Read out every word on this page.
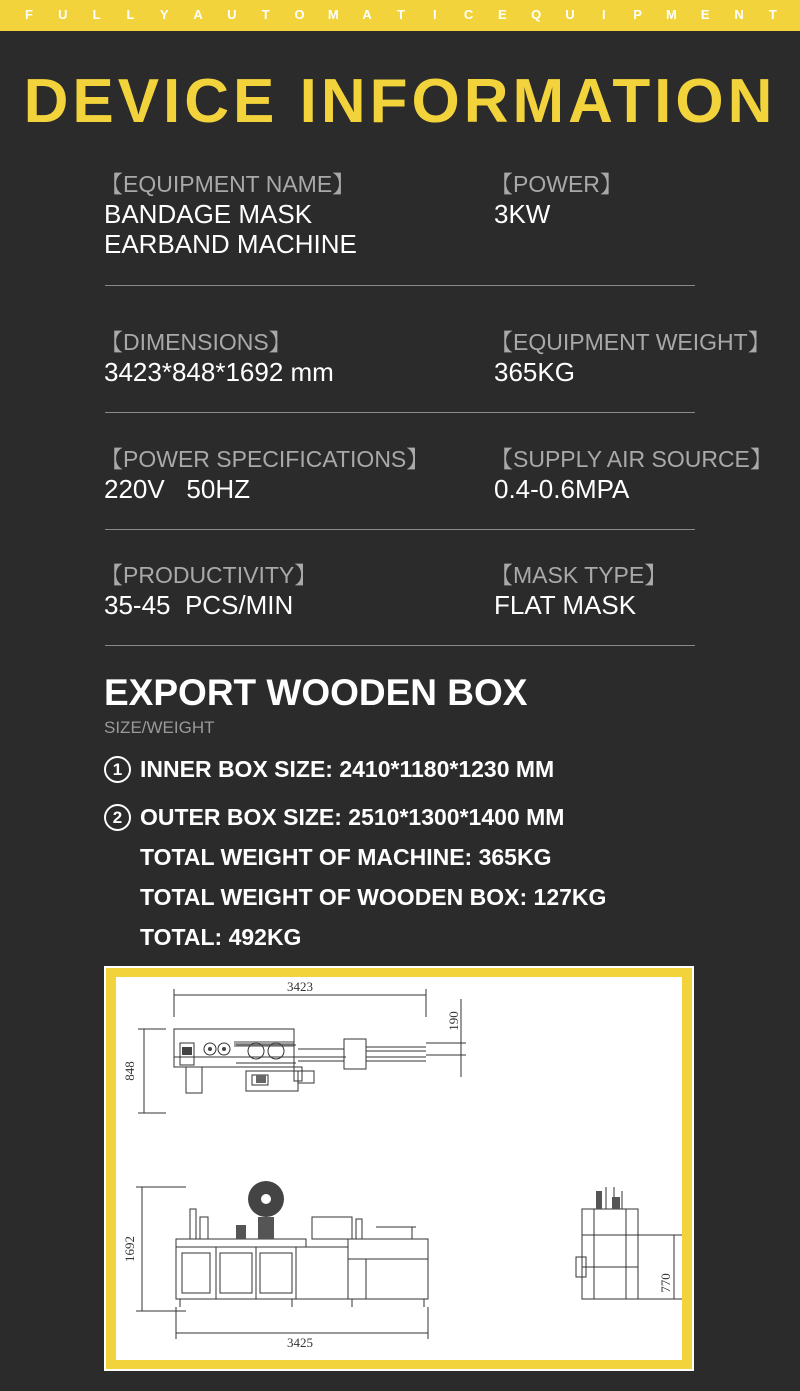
F U L L Y A U T O M A T	I	C E Q U	I	P M E N T
DEVICE INFORMATION
【EQUIPMENT NAME】
BANDAGE MASK
EARBAND MACHINE
【POWER】
3KW
【DIMENSIONS】
3423*848*1692 mm
【EQUIPMENT WEIGHT】
365KG
【POWER SPECIFICATIONS】
220V   50HZ
【SUPPLY AIR SOURCE】
0.4-0.6MPA
【PRODUCTIVITY】
35-45  PCS/MIN
【MASK TYPE】
FLAT MASK
EXPORT WOODEN BOX
SIZE/WEIGHT
1 INNER BOX SIZE: 2410*1180*1230 MM
2 OUTER BOX SIZE: 2510*1300*1400 MM
TOTAL WEIGHT OF MACHINE: 365KG
TOTAL WEIGHT OF WOODEN BOX: 127KG
TOTAL: 492KG
3423
190
848
1692
3425
770
